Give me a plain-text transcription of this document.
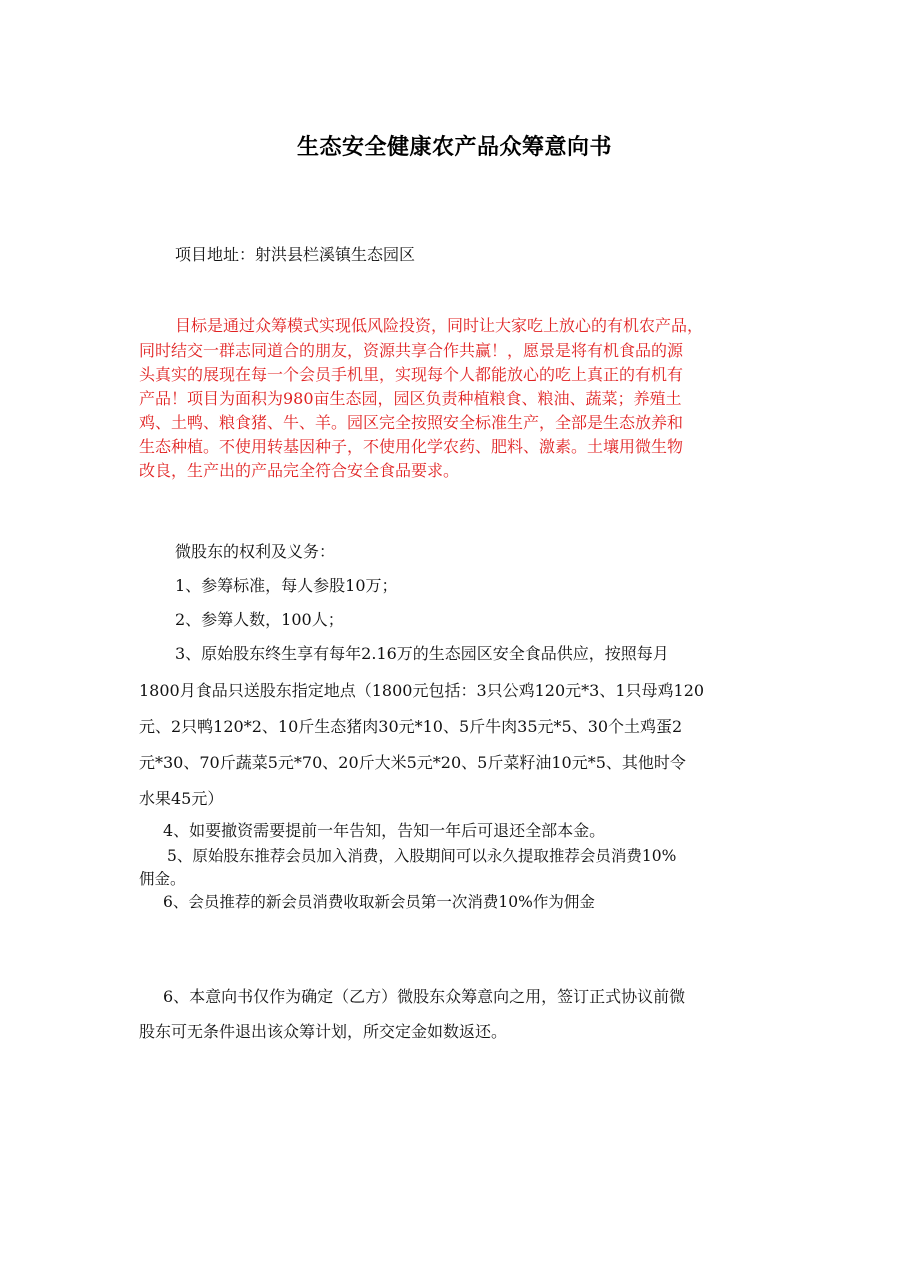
生态安全健康农产品众筹意向书
项目地址：射洪县栏溪镇生态园区
目标是通过众筹模式实现低风险投资，同时让大家吃上放心的有机农产品，
同时结交一群志同道合的朋友，资源共享合作共赢！，愿景是将有机食品的源
头真实的展现在每一个会员手机里，实现每个人都能放心的吃上真正的有机有
产品！项目为面积为980亩生态园，园区负责种植粮食、粮油、蔬菜；养殖土
鸡、土鸭、粮食猪、牛、羊。园区完全按照安全标准生产，全部是生态放养和
生态种植。不使用转基因种子，不使用化学农药、肥料、激素。土壤用微生物
改良，生产出的产品完全符合安全食品要求。
微股东的权利及义务：
1、参筹标准，每人参股10万；
2、参筹人数，100人；
3、原始股东终生享有每年2.16万的生态园区安全食品供应，按照每月
1800月食品只送股东指定地点（1800元包括：3只公鸡120元*3、1只母鸡120
元、2只鸭120*2、10斤生态猪肉30元*10、5斤牛肉35元*5、30个土鸡蛋2
元*30、70斤蔬菜5元*70、20斤大米5元*20、5斤菜籽油10元*5、其他时令
水果45元）
4、如要撤资需要提前一年告知，告知一年后可退还全部本金。
5、原始股东推荐会员加入消费，入股期间可以永久提取推荐会员消费10%
佣金。
6、会员推荐的新会员消费收取新会员第一次消费10%作为佣金
6、本意向书仅作为确定（乙方）微股东众筹意向之用，签订正式协议前微
股东可无条件退出该众筹计划，所交定金如数返还。
